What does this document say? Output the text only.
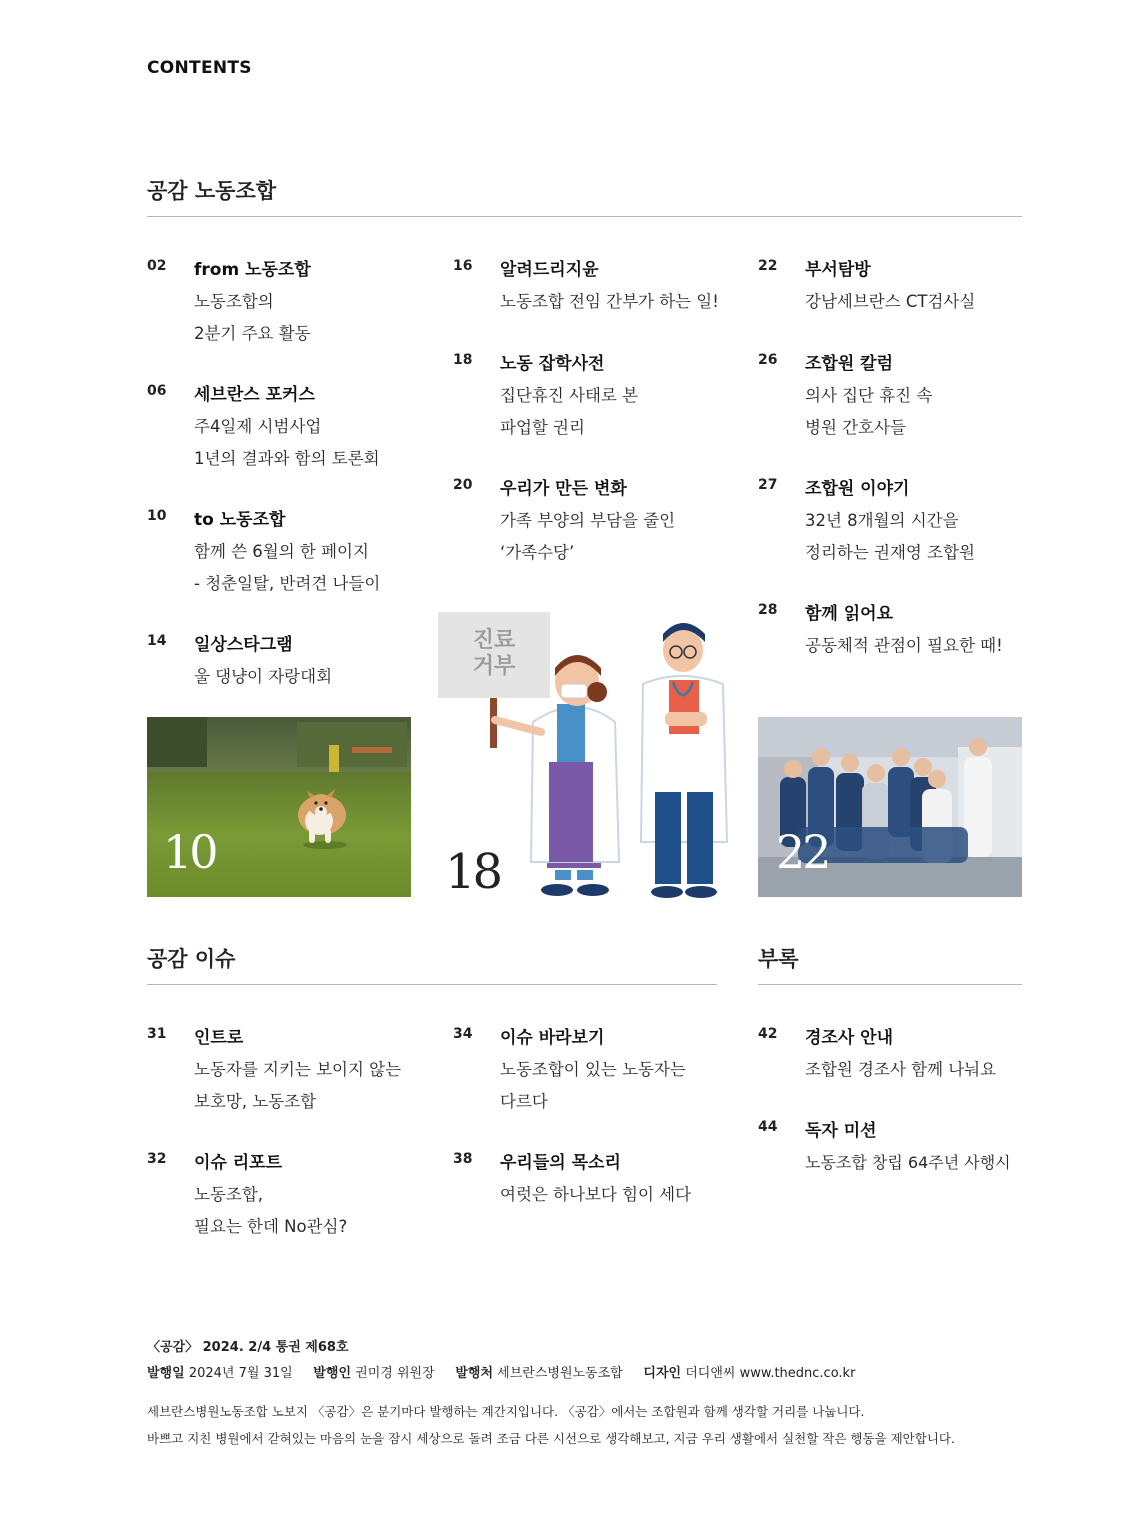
CONTENTS
공감 노동조합
02 from 노동조합
노동조합의
2분기 주요 활동
06 세브란스 포커스
주4일제 시범사업
1년의 결과와 함의 토론회
10 to 노동조합
함께 쓴 6월의 한 페이지
- 청춘일탈, 반려견 나들이
14 일상스타그램
울 댕냥이 자랑대회
16 알려드리지윤
노동조합 전임 간부가 하는 일!
18 노동 잡학사전
집단휴진 사태로 본
파업할 권리
20 우리가 만든 변화
가족 부양의 부담을 줄인
‘가족수당’
22 부서탐방
강남세브란스 CT검사실
26 조합원 칼럼
의사 집단 휴진 속
병원 간호사들
27 조합원 이야기
32년 8개월의 시간을
정리하는 권재영 조합원
28 함께 읽어요
공동체적 관점이 필요한 때!
10
진료
거부
18	22
공감 이슈
31 인트로
노동자를 지키는 보이지 않는
보호망, 노동조합
32 이슈 리포트
노동조합,
필요는 한데 No관심?
34 이슈 바라보기
노동조합이 있는 노동자는
다르다
38 우리들의 목소리
여럿은 하나보다 힘이 세다
부록
42 경조사 안내
조합원 경조사 함께 나눠요
44 독자 미션
노동조합 창립 64주년 사행시
〈공감〉 2024. 2/4 통권 제68호
발행일 2024년 7월 31일 발행인 권미경 위원장 발행처 세브란스병원노동조합 디자인 더디앤씨 www.thednc.co.kr
세브란스병원노동조합 노보지 〈공감〉은 분기마다 발행하는 계간지입니다. 〈공감〉에서는 조합원과 함께 생각할 거리를 나눕니다.
바쁘고 지친 병원에서 갇혀있는 마음의 눈을 잠시 세상으로 돌려 조금 다른 시선으로 생각해보고, 지금 우리 생활에서 실천할 작은 행동을 제안합니다.
